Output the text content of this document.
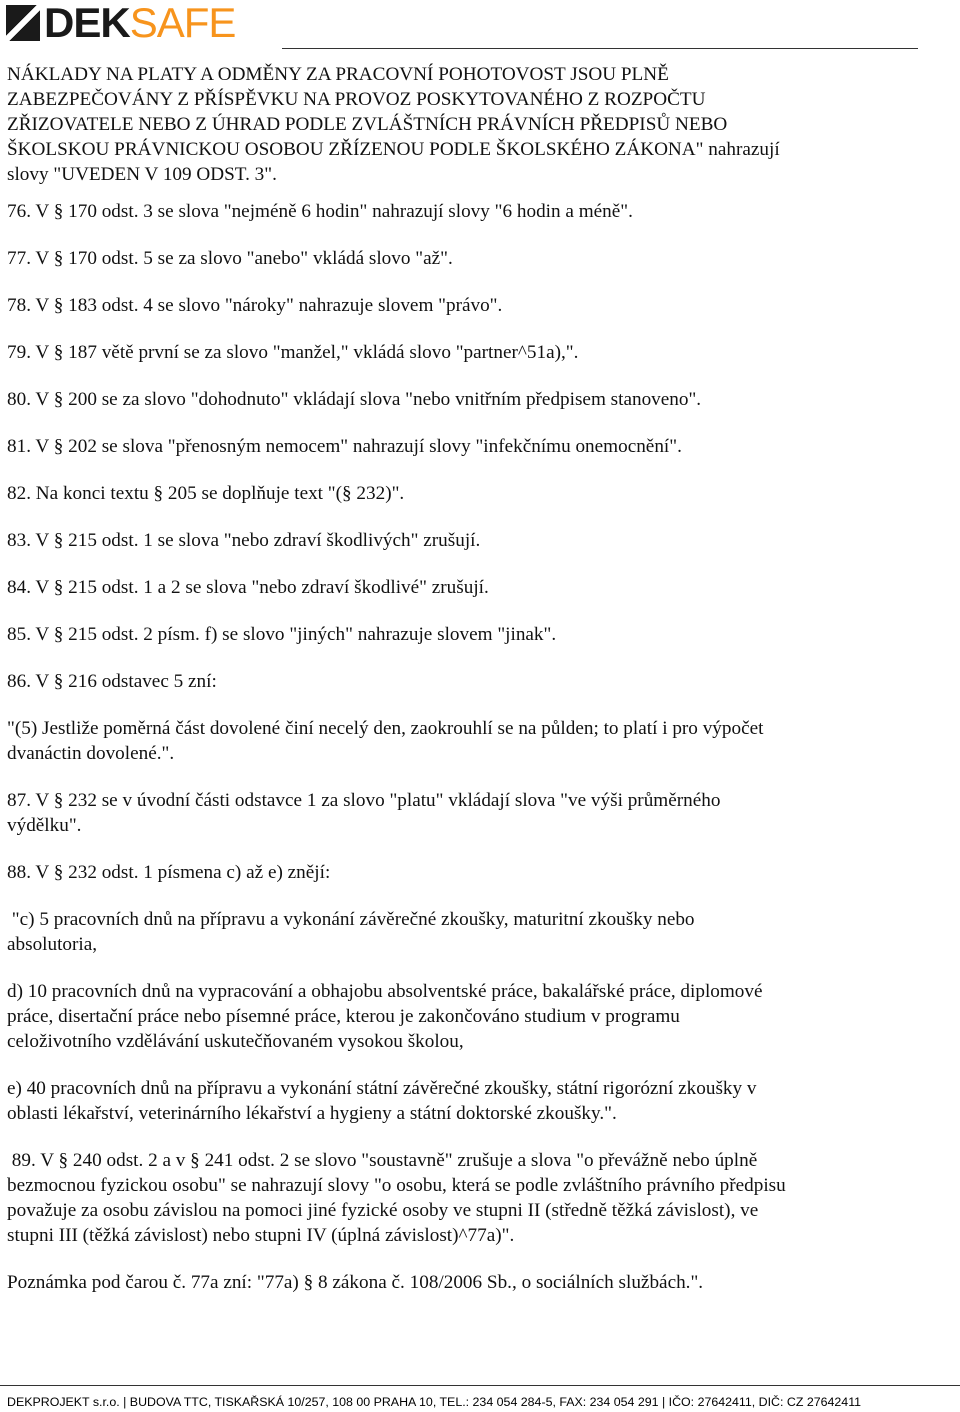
DEK SAFE

NÁKLADY NA PLATY A ODMĚNY ZA PRACOVNÍ POHOTOVOST JSOU PLNĚ
ZABEZPEČOVÁNY Z PŘÍSPĚVKU NA PROVOZ POSKYTOVANÉHO Z ROZPOČTU
ZŘIZOVATELE NEBO Z ÚHRAD PODLE ZVLÁŠTNÍCH PRÁVNÍCH PŘEDPISŮ NEBO
ŠKOLSKOU PRÁVNICKOU OSOBOU ZŘÍZENOU PODLE ŠKOLSKÉHO ZÁKONA" nahrazují
slovy "UVEDEN V 109 ODST. 3".

76. V § 170 odst. 3 se slova "nejméně 6 hodin" nahrazují slovy "6 hodin a méně".

77. V § 170 odst. 5 se za slovo "anebo" vkládá slovo "až".

78. V § 183 odst. 4 se slovo "nároky" nahrazuje slovem "právo".

79. V § 187 větě první se za slovo "manžel," vkládá slovo "partner^51a),".

80. V § 200 se za slovo "dohodnuto" vkládají slova "nebo vnitřním předpisem stanoveno".

81. V § 202 se slova "přenosným nemocem" nahrazují slovy "infekčnímu onemocnění".

82. Na konci textu § 205 se doplňuje text "(§ 232)".

83. V § 215 odst. 1 se slova "nebo zdraví škodlivých" zrušují.

84. V § 215 odst. 1 a 2 se slova "nebo zdraví škodlivé" zrušují.

85. V § 215 odst. 2 písm. f) se slovo "jiných" nahrazuje slovem "jinak".

86. V § 216 odstavec 5 zní:

"(5) Jestliže poměrná část dovolené činí necelý den, zaokrouhlí se na půlden; to platí i pro výpočet
dvanáctin dovolené.".

87. V § 232 se v úvodní části odstavce 1 za slovo "platu" vkládají slova "ve výši průměrného
výdělku".

88. V § 232 odst. 1 písmena c) až e) znějí:

"c) 5 pracovních dnů na přípravu a vykonání závěrečné zkoušky, maturitní zkoušky nebo
absolutoria,

d) 10 pracovních dnů na vypracování a obhajobu absolventské práce, bakalářské práce, diplomové
práce, disertační práce nebo písemné práce, kterou je zakončováno studium v programu
celoživotního vzdělávání uskutečňovaném vysokou školou,

e) 40 pracovních dnů na přípravu a vykonání státní závěrečné zkoušky, státní rigorózní zkoušky v
oblasti lékařství, veterinárního lékařství a hygieny a státní doktorské zkoušky.".

89. V § 240 odst. 2 a v § 241 odst. 2 se slovo "soustavně" zrušuje a slova "o převážně nebo úplně
bezmocnou fyzickou osobu" se nahrazují slovy "o osobu, která se podle zvláštního právního předpisu
považuje za osobu závislou na pomoci jiné fyzické osoby ve stupni II (středně těžká závislost), ve
stupni III (těžká závislost) nebo stupni IV (úplná závislost)^77a)".

Poznámka pod čarou č. 77a zní: "77a) § 8 zákona č. 108/2006 Sb., o sociálních službách.".

DEKPROJEKT s.r.o. | BUDOVA TTC, TISKAŘSKÁ 10/257, 108 00 PRAHA 10, TEL.: 234 054 284-5, FAX: 234 054 291 | IČO: 27642411, DIČ: CZ 27642411
